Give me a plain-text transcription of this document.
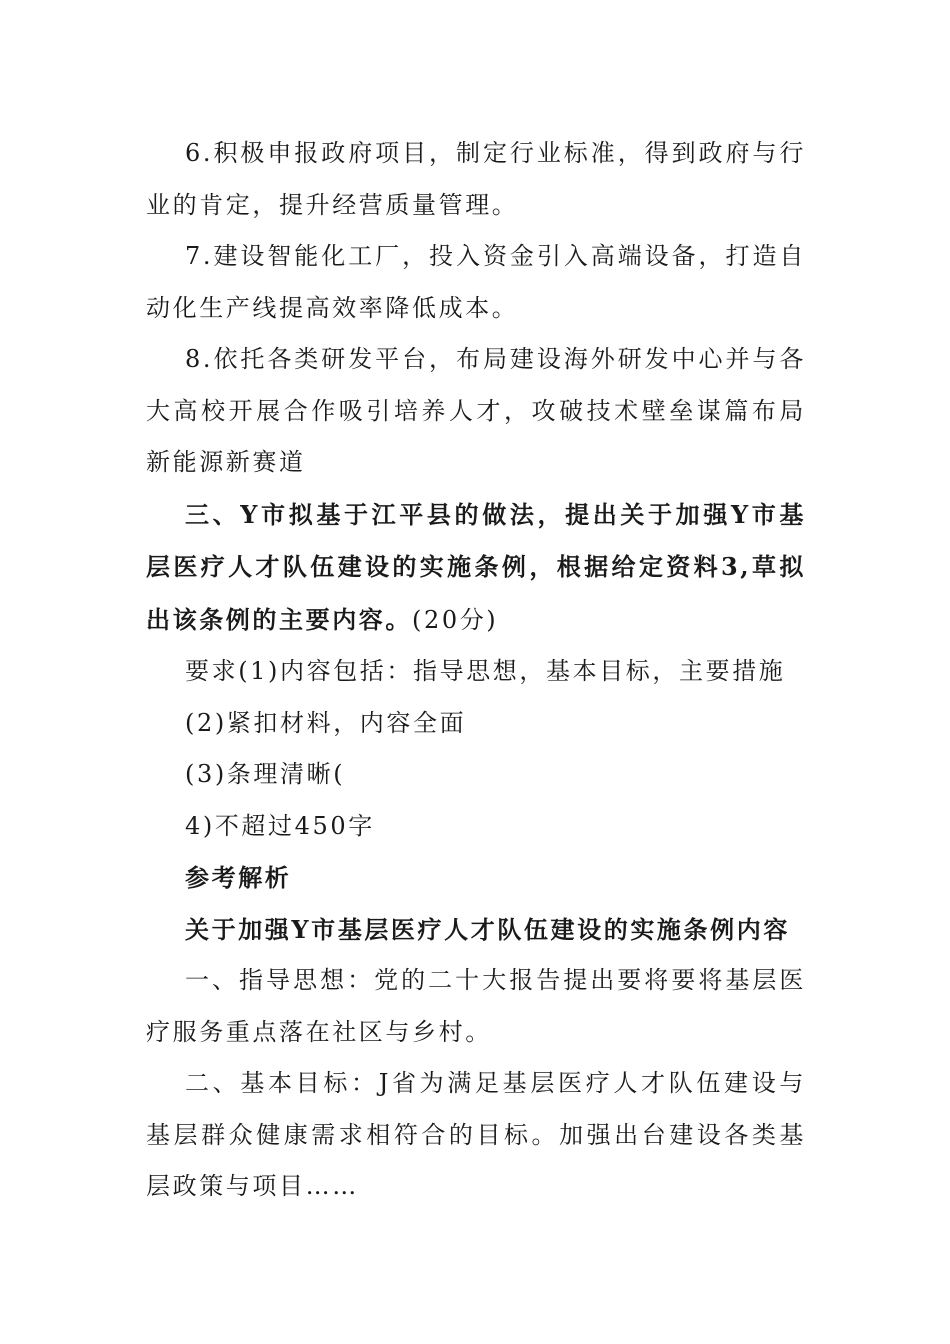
6.积极申报政府项目，制定行业标准，得到政府与行业的肯定，提升经营质量管理。

7.建设智能化工厂，投入资金引入高端设备，打造自动化生产线提高效率降低成本。

8.依托各类研发平台，布局建设海外研发中心并与各大高校开展合作吸引培养人才，攻破技术壁垒谋篇布局新能源新赛道

三、Y市拟基于江平县的做法，提出关于加强Y市基层医疗人才队伍建设的实施条例，根据给定资料3,草拟出该条例的主要内容。(20分)

要求(1)内容包括：指导思想，基本目标，主要措施

(2)紧扣材料，内容全面

(3)条理清晰(

4)不超过450字

参考解析

关于加强Y市基层医疗人才队伍建设的实施条例内容

一、指导思想：党的二十大报告提出要将要将基层医疗服务重点落在社区与乡村。

二、基本目标：J省为满足基层医疗人才队伍建设与基层群众健康需求相符合的目标。加强出台建设各类基层政策与项目……
